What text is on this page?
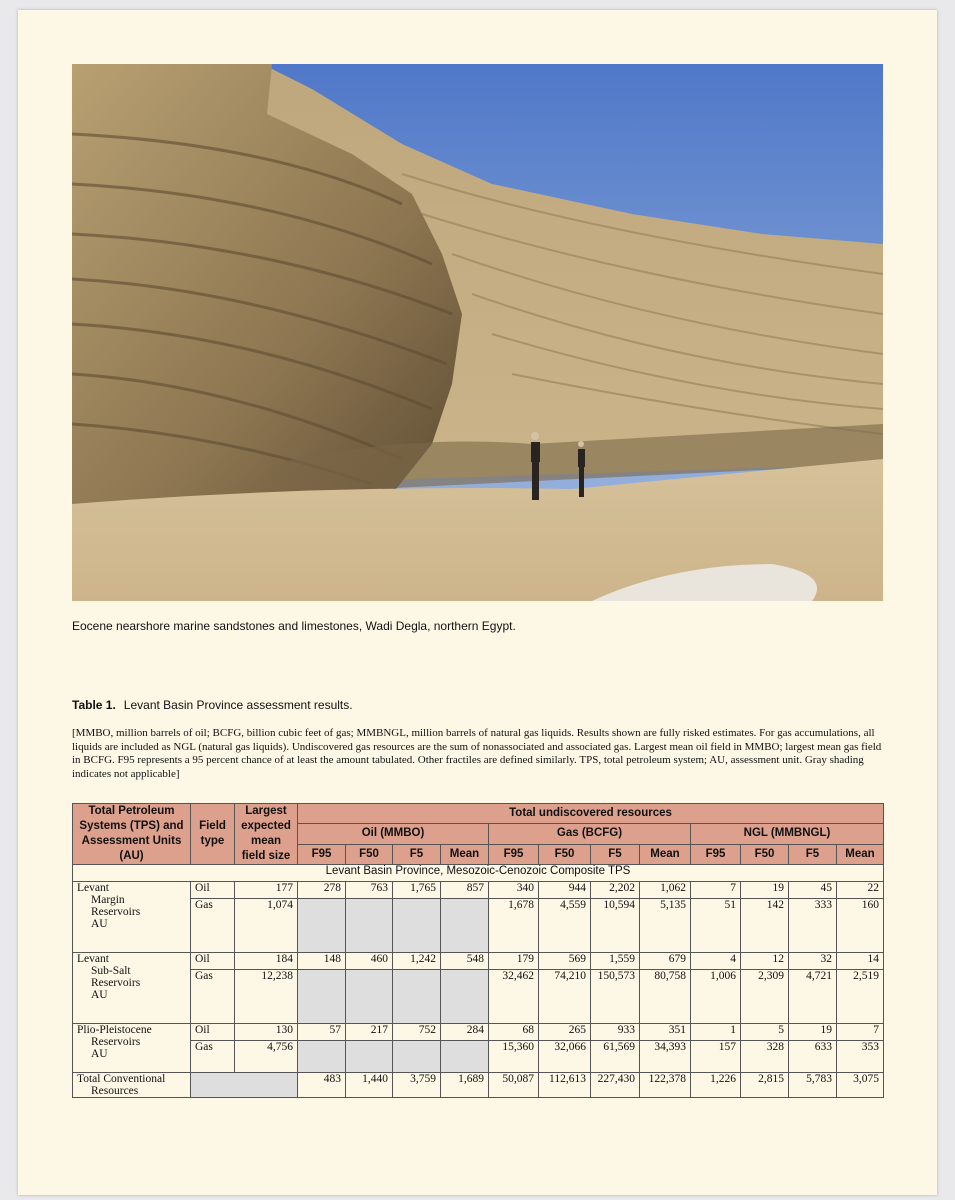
Eocene nearshore marine sandstones and limestones, Wadi Degla, northern Egypt.
Table 1. Levant Basin Province assessment results.
[MMBO, million barrels of oil; BCFG, billion cubic feet of gas; MMBNGL, million barrels of natural gas liquids. Results shown are fully risked estimates. For gas accumulations, all liquids are included as NGL (natural gas liquids). Undiscovered gas resources are the sum of nonassociated and associated gas. Largest mean oil field in MMBO; largest mean gas field in BCFG. F95 represents a 95 percent chance of at least the amount tabulated. Other fractiles are defined similarly. TPS, total petroleum system; AU, assessment unit. Gray shading indicates not applicable]
Total Petroleum Systems (TPS) and Assessment Units (AU)	Field type	Largest expected mean field size	Total undiscovered resources											
			Oil (MMBO)				Gas (BCFG)				NGL (MMBNGL)			
			F95	F50	F5	Mean	F95	F50	F5	Mean	F95	F50	F5	Mean
Levant Basin Province, Mesozoic-Cenozoic Composite TPS														

Levant
Margin
Reservoirs
AU	Oil	177	278	763	1,765	857	340	944	2,202	1,062	7	19	45	22
	Gas	1,074					1,678	4,559	10,594	5,135	51	142	333	160

Levant
Sub-Salt
Reservoirs
AU	Oil	184	148	460	1,242	548	179	569	1,559	679	4	12	32	14
	Gas	12,238					32,462	74,210	150,573	80,758	1,006	2,309	4,721	2,519

Plio-Pleistocene
Reservoirs
AU	Oil	130	57	217	752	284	68	265	933	351	1	5	19	7
	Gas	4,756					15,360	32,066	61,569	34,393	157	328	633	353

Total Conventional
Resources			483	1,440	3,759	1,689	50,087	112,613	227,430	122,378	1,226	2,815	5,783	3,075
